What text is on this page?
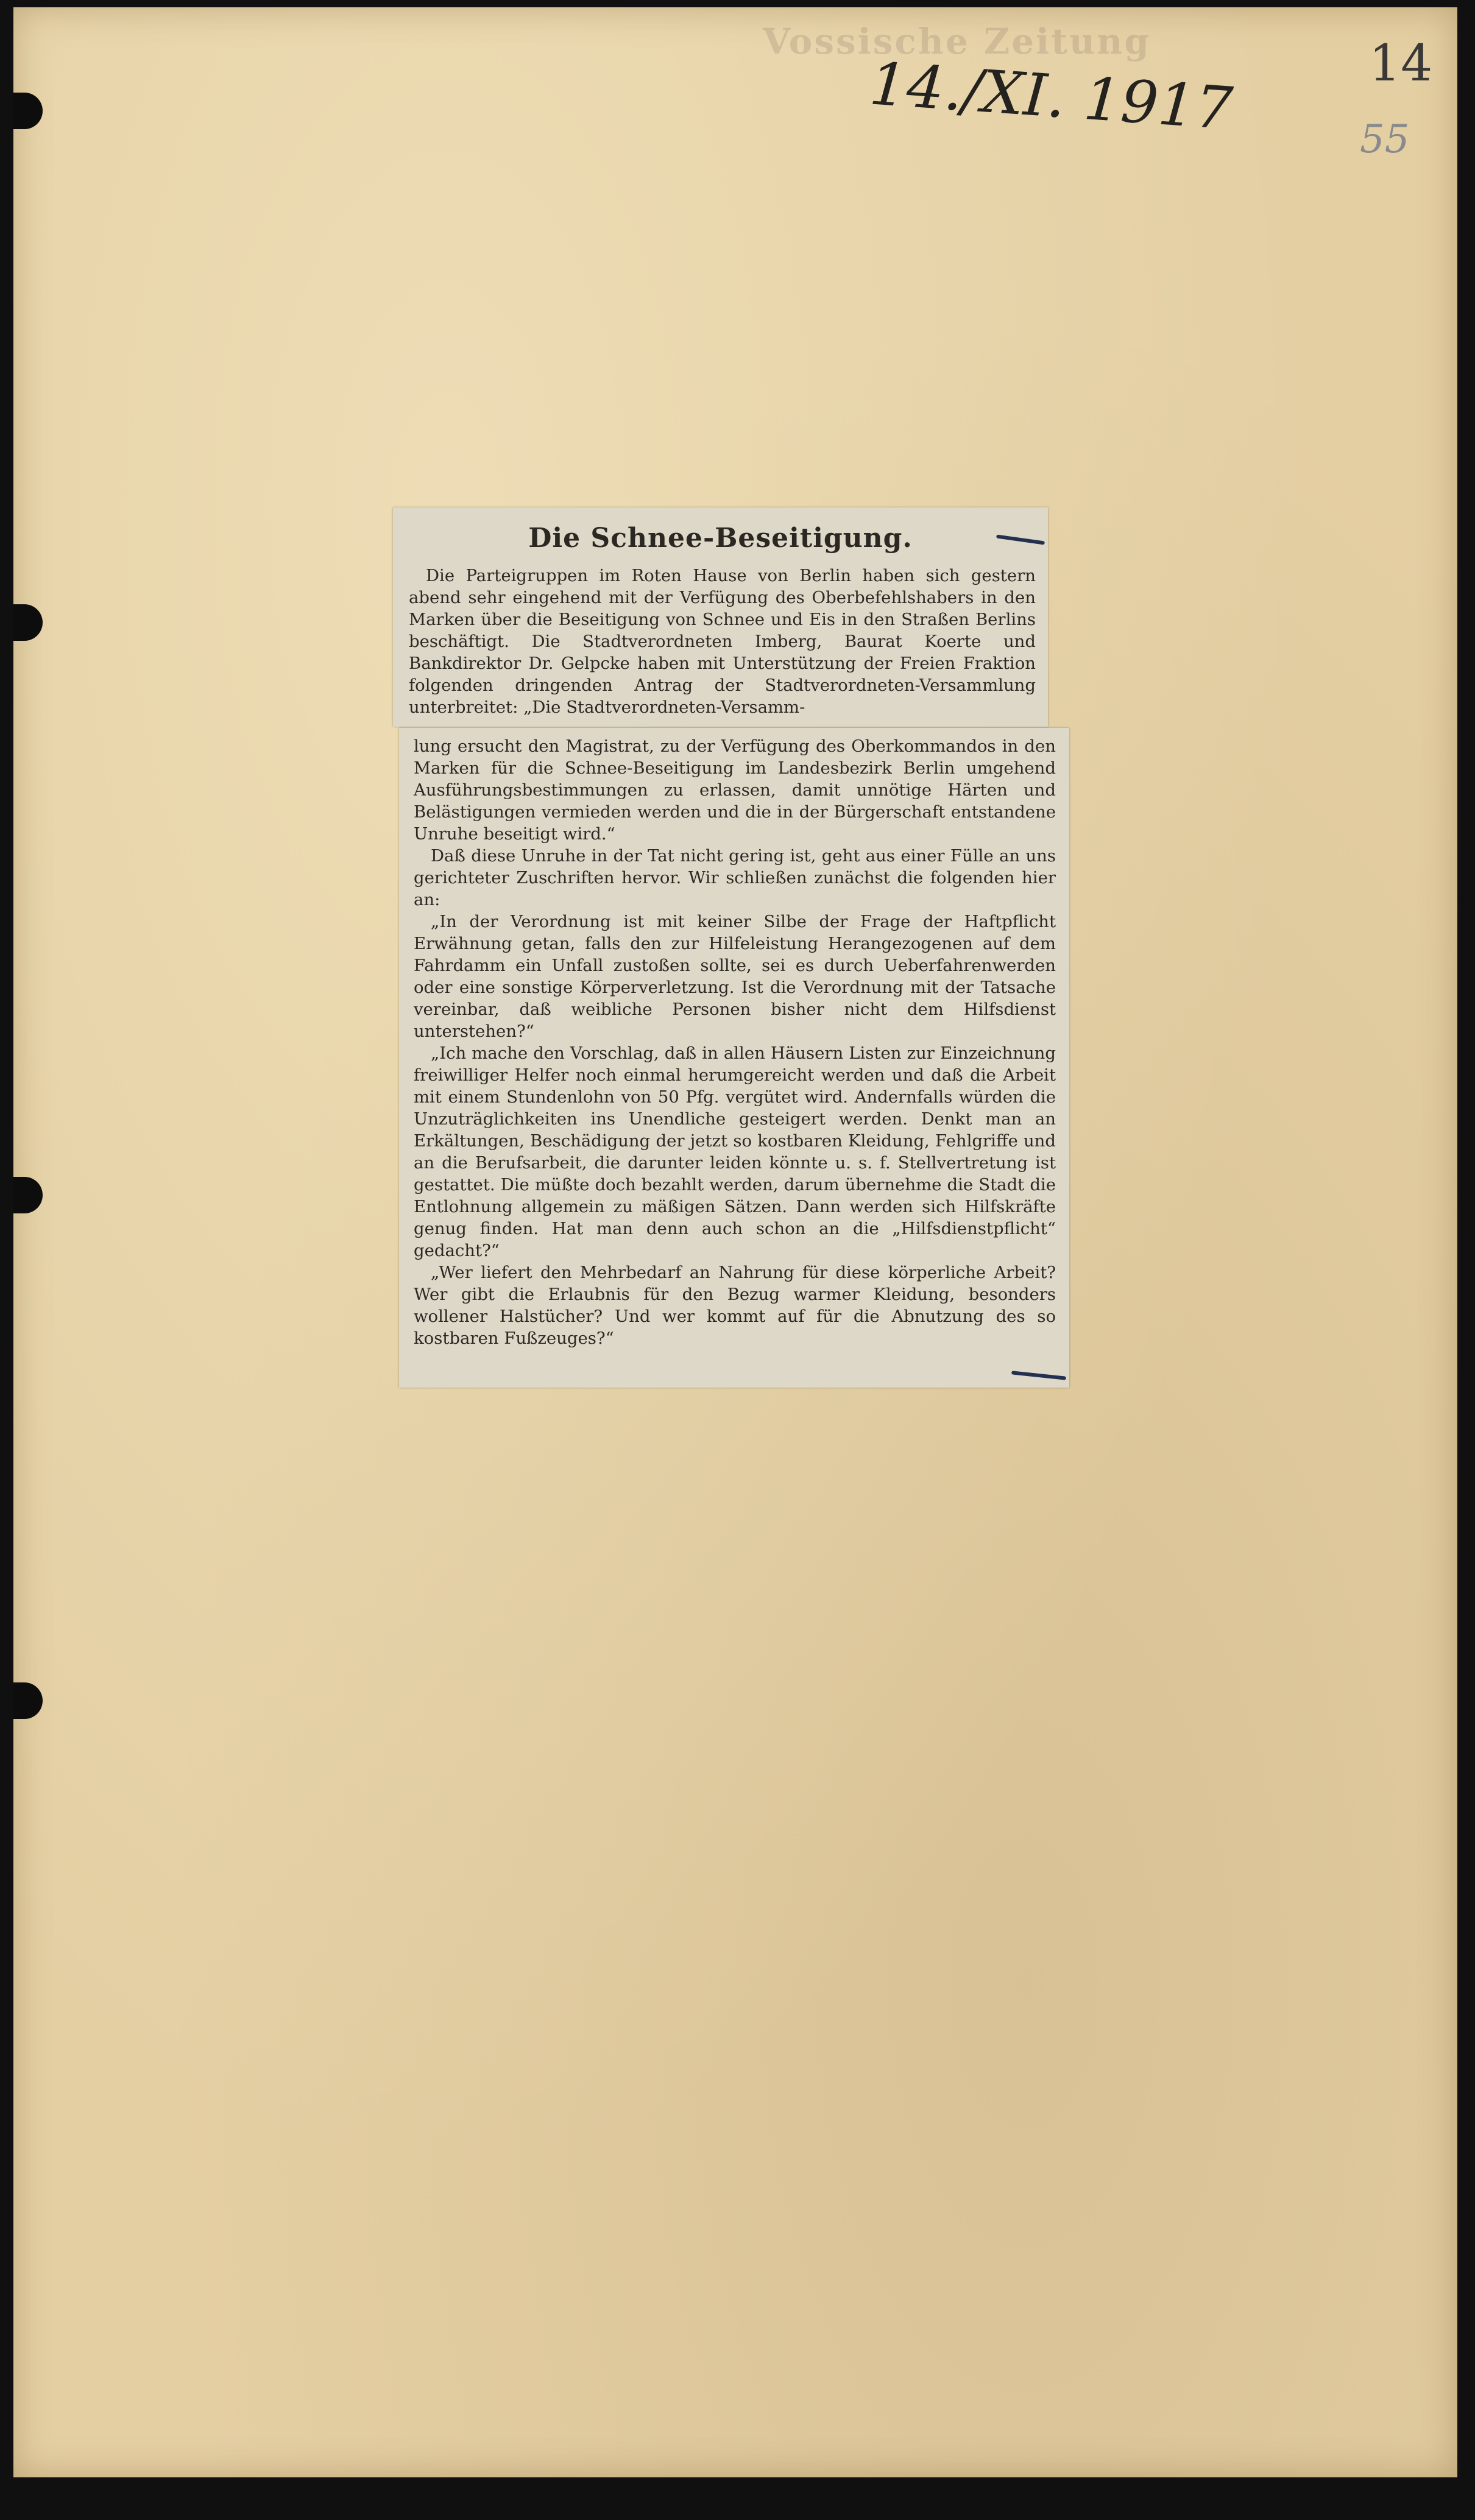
Vossische Zeitung
14./XI. 1917	14
55
Die Schnee-Beseitigung.

Die Parteigruppen im Roten Hause von Berlin haben sich gestern abend sehr eingehend mit der Verfügung des Oberbefehlshabers in den Marken über die Beseitigung von Schnee und Eis in den Straßen Berlins beschäftigt. Die Stadtverordneten Imberg, Baurat Koerte und Bankdirektor Dr. Gelpcke haben mit Unterstützung der Freien Fraktion folgenden dringenden Antrag der Stadtverordneten-Versammlung unterbreitet: „Die Stadtverordneten-Versamm-

lung ersucht den Magistrat, zu der Verfügung des Oberkommandos in den Marken für die Schnee-Beseitigung im Landesbezirk Berlin umgehend Ausführungsbestimmungen zu erlassen, damit unnötige Härten und Belästigungen vermieden werden und die in der Bürgerschaft entstandene Unruhe beseitigt wird.“

Daß diese Unruhe in der Tat nicht gering ist, geht aus einer Fülle an uns gerichteter Zuschriften hervor. Wir schließen zunächst die folgenden hier an:

„In der Verordnung ist mit keiner Silbe der Frage der Haftpflicht Erwähnung getan, falls den zur Hilfeleistung Herangezogenen auf dem Fahrdamm ein Unfall zustoßen sollte, sei es durch Ueberfahrenwerden oder eine sonstige Körperverletzung. Ist die Verordnung mit der Tatsache vereinbar, daß weibliche Personen bisher nicht dem Hilfsdienst unterstehen?“

„Ich mache den Vorschlag, daß in allen Häusern Listen zur Einzeichnung freiwilliger Helfer noch einmal herumgereicht werden und daß die Arbeit mit einem Stundenlohn von 50 Pfg. vergütet wird. Andernfalls würden die Unzuträglichkeiten ins Unendliche gesteigert werden. Denkt man an Erkältungen, Beschädigung der jetzt so kostbaren Kleidung, Fehlgriffe und an die Berufsarbeit, die darunter leiden könnte u. s. f. Stellvertretung ist gestattet. Die müßte doch bezahlt werden, darum übernehme die Stadt die Entlohnung allgemein zu mäßigen Sätzen. Dann werden sich Hilfskräfte genug finden. Hat man denn auch schon an die „Hilfsdienstpflicht“ gedacht?“

„Wer liefert den Mehrbedarf an Nahrung für diese körperliche Arbeit? Wer gibt die Erlaubnis für den Bezug warmer Kleidung, besonders wollener Halstücher? Und wer kommt auf für die Abnutzung des so kostbaren Fußzeuges?“
